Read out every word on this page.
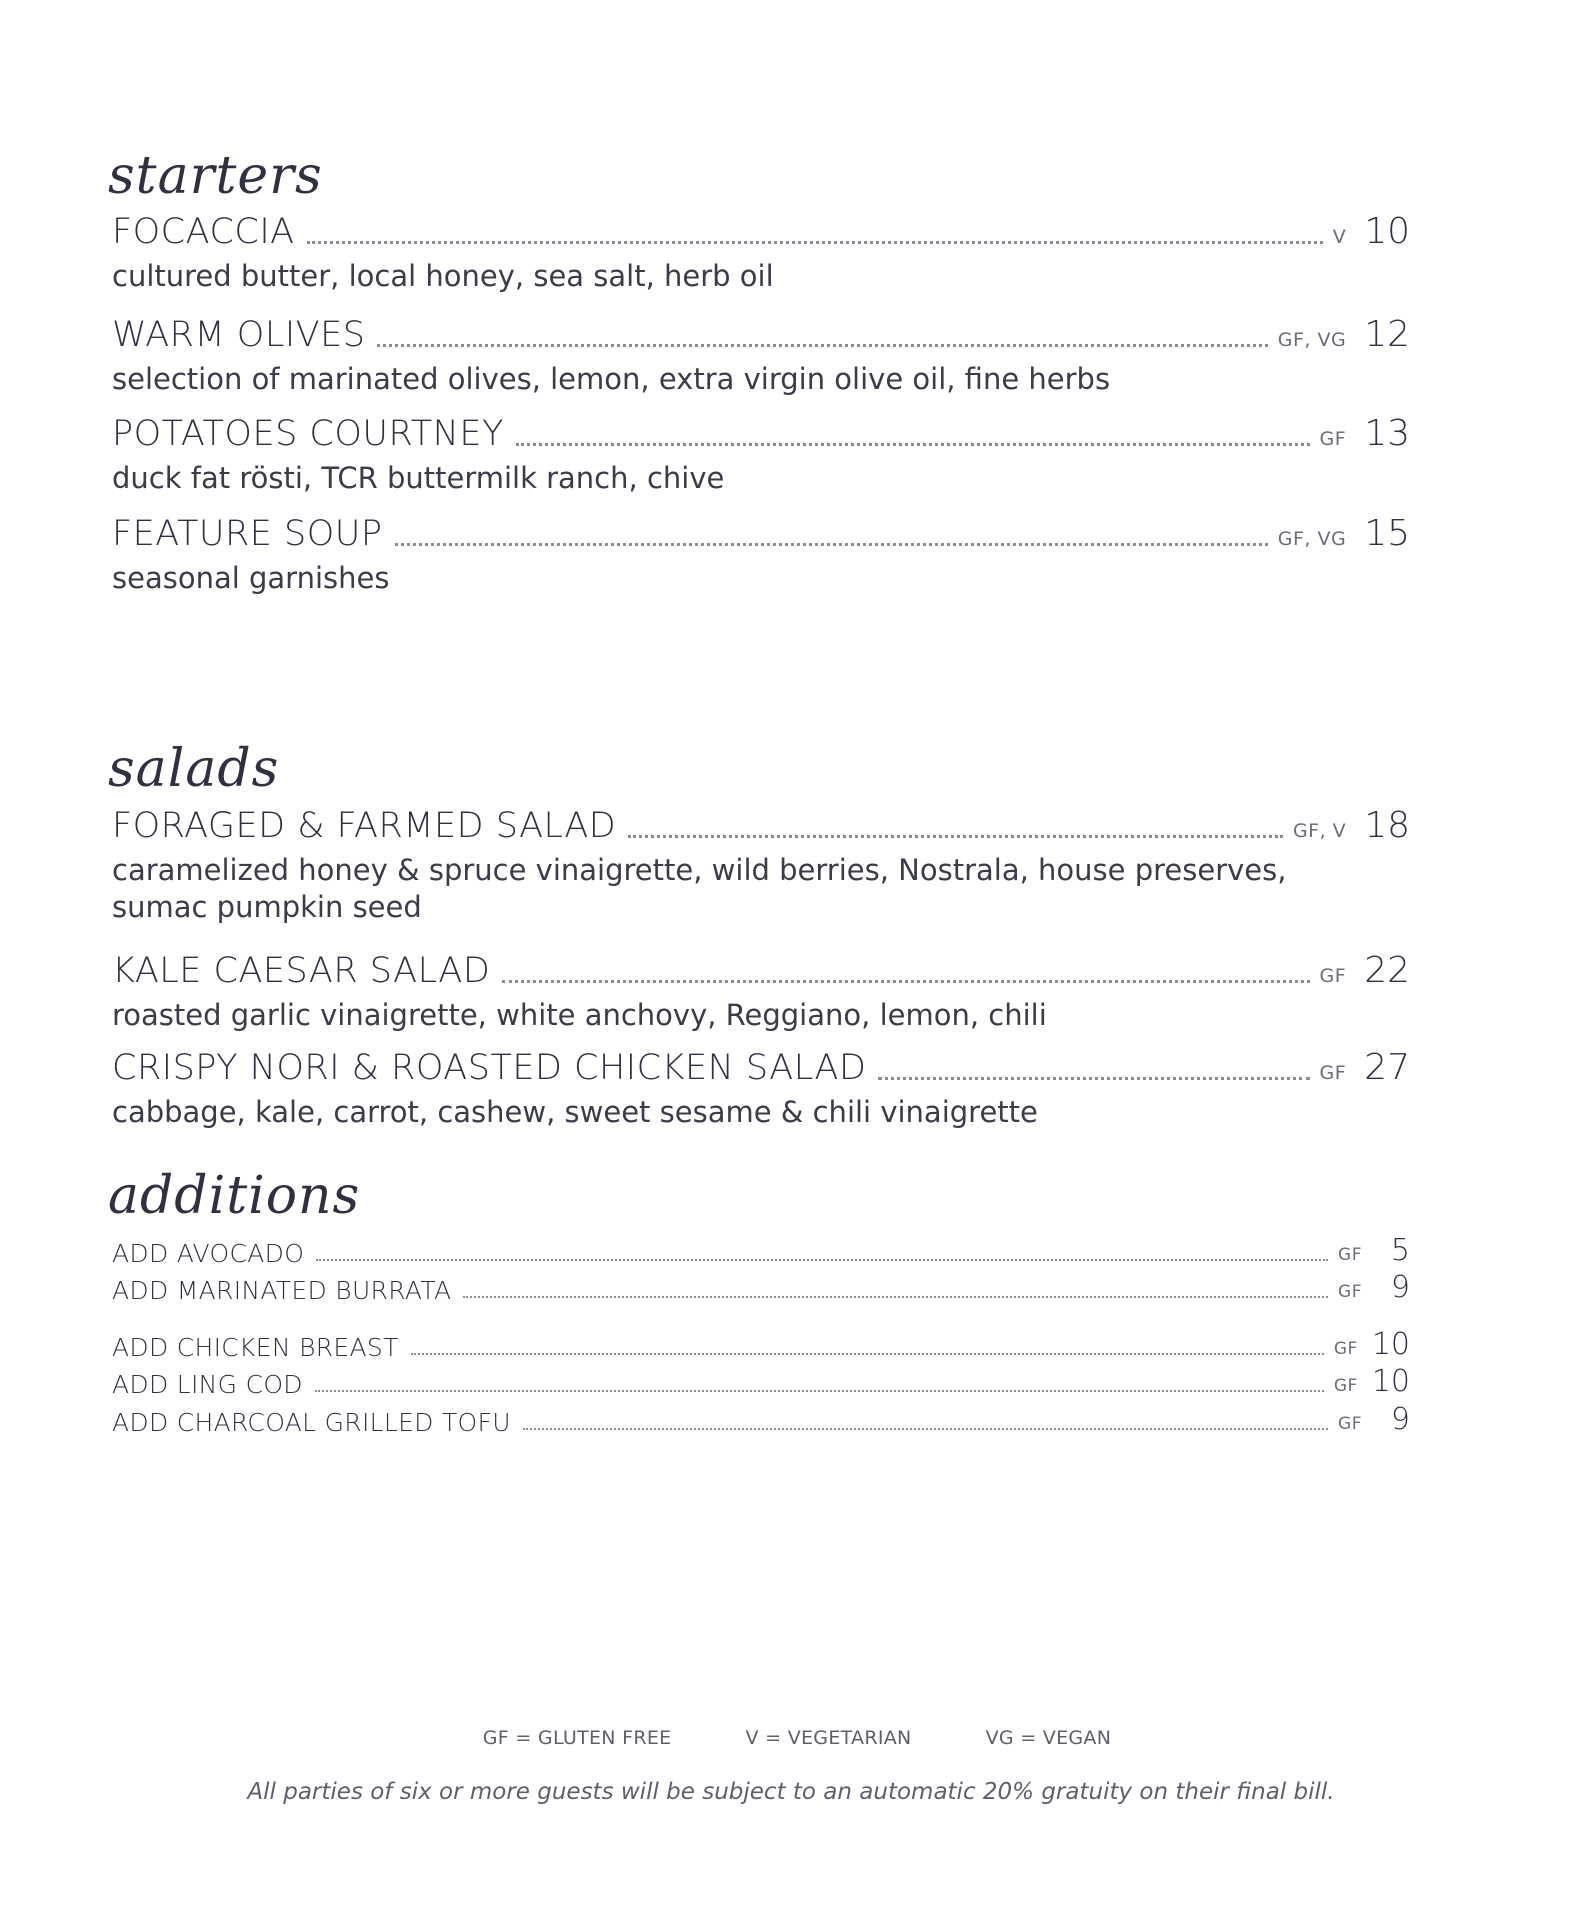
starters
FOCACCIA	V 10
cultured butter, local honey, sea salt, herb oil
WARM OLIVES	GF, VG 12
selection of marinated olives, lemon, extra virgin olive oil, fine herbs
POTATOES COURTNEY	GF 13
duck fat rösti, TCR buttermilk ranch, chive
FEATURE SOUP	GF, VG 15
seasonal garnishes
salads
FORAGED & FARMED SALAD	GF, V 18
caramelized honey & spruce vinaigrette, wild berries, Nostrala, house preserves, sumac pumpkin seed
KALE CAESAR SALAD	GF 22
roasted garlic vinaigrette, white anchovy, Reggiano, lemon, chili
CRISPY NORI & ROASTED CHICKEN SALAD	GF 27
cabbage, kale, carrot, cashew, sweet sesame & chili vinaigrette
additions
ADD AVOCADO	GF 5
ADD MARINATED BURRATA	GF 9
ADD CHICKEN BREAST	GF 10
ADD LING COD	GF 10
ADD CHARCOAL GRILLED TOFU	GF 9
GF = GLUTEN FREE	V = VEGETARIAN	VG = VEGAN
All parties of six or more guests will be subject to an automatic 20% gratuity on their final bill.
